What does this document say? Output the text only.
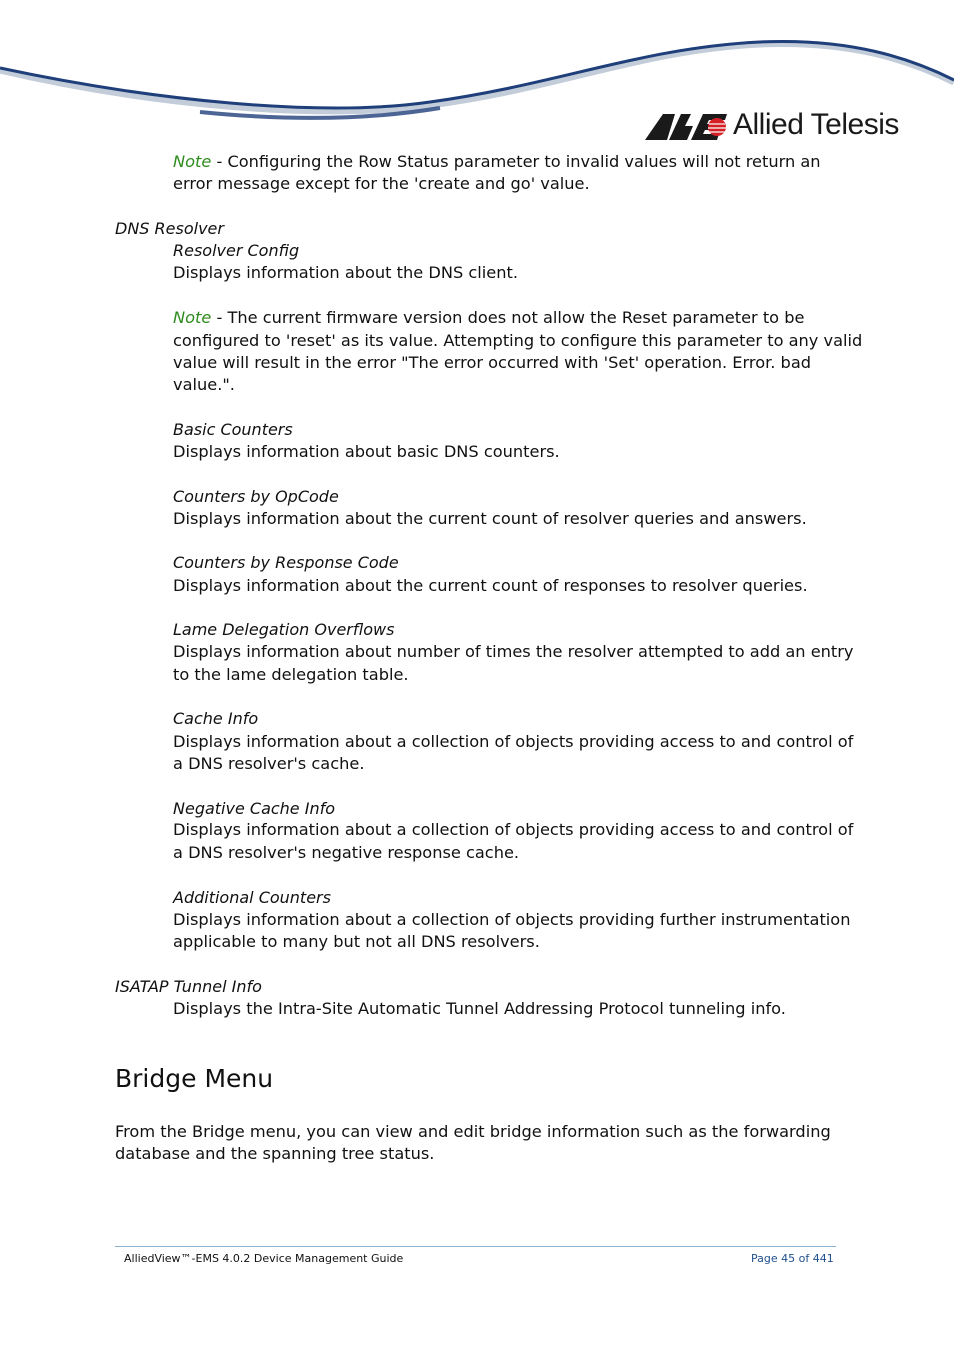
Allied Telesis
Note - Configuring the Row Status parameter to invalid values will not return an
error message except for the 'create and go' value.
DNS Resolver
Resolver Config
Displays information about the DNS client.
Note - The current firmware version does not allow the Reset parameter to be
configured to 'reset' as its value. Attempting to configure this parameter to any valid
value will result in the error "The error occurred with 'Set' operation. Error. bad
value.".
Basic Counters
Displays information about basic DNS counters.
Counters by OpCode
Displays information about the current count of resolver queries and answers.
Counters by Response Code
Displays information about the current count of responses to resolver queries.
Lame Delegation Overflows
Displays information about number of times the resolver attempted to add an entry
to the lame delegation table.
Cache Info
Displays information about a collection of objects providing access to and control of
a DNS resolver's cache.
Negative Cache Info
Displays information about a collection of objects providing access to and control of
a DNS resolver's negative response cache.
Additional Counters
Displays information about a collection of objects providing further instrumentation
applicable to many but not all DNS resolvers.
ISATAP Tunnel Info
Displays the Intra-Site Automatic Tunnel Addressing Protocol tunneling info.
Bridge Menu
From the Bridge menu, you can view and edit bridge information such as the forwarding
database and the spanning tree status.
AlliedView™-EMS 4.0.2 Device Management Guide	Page 45 of 441
